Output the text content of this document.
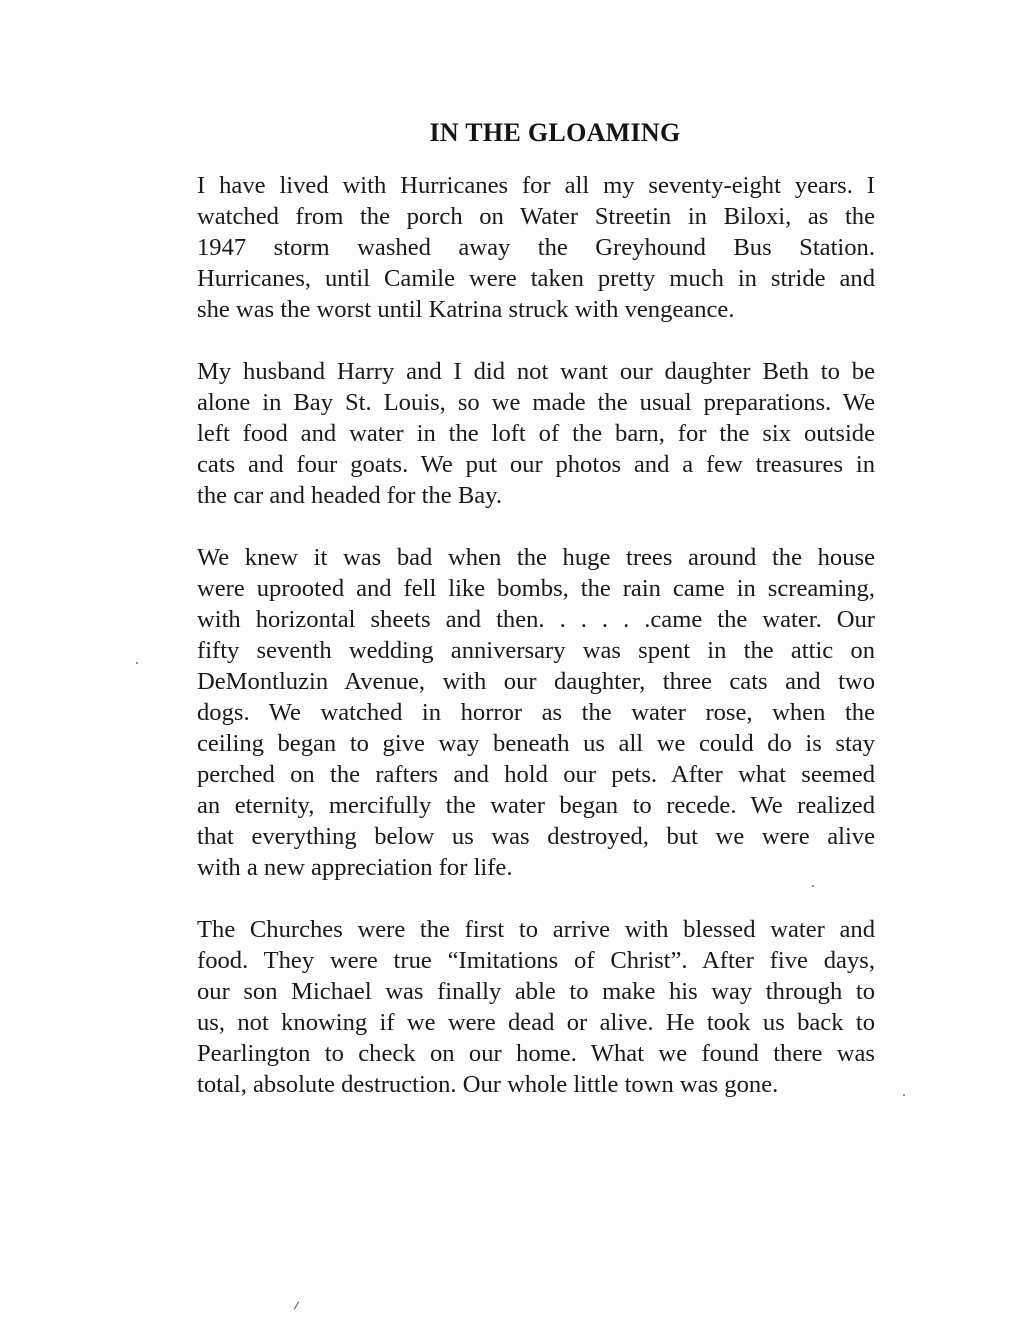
IN THE GLOAMING

I have lived with Hurricanes for all my seventy-eight years. I
watched from the porch on Water Streetin in Biloxi, as the
1947 storm washed away the Greyhound Bus Station.
Hurricanes, until Camile were taken pretty much in stride and
she was the worst until Katrina struck with vengeance.

My husband Harry and I did not want our daughter Beth to be
alone in Bay St. Louis, so we made the usual preparations. We
left food and water in the loft of the barn, for the six outside
cats and four goats. We put our photos and a few treasures in
the car and headed for the Bay.

We knew it was bad when the huge trees around the house
were uprooted and fell like bombs, the rain came in screaming,
with horizontal sheets and then. . . . . .came the water. Our
fifty seventh wedding anniversary was spent in the attic on
DeMontluzin Avenue, with our daughter, three cats and two
dogs. We watched in horror as the water rose, when the
ceiling began to give way beneath us all we could do is stay
perched on the rafters and hold our pets. After what seemed
an eternity, mercifully the water began to recede. We realized
that everything below us was destroyed, but we were alive
with a new appreciation for life.

The Churches were the first to arrive with blessed water and
food. They were true “Imitations of Christ”. After five days,
our son Michael was finally able to make his way through to
us, not knowing if we were dead or alive. He took us back to
Pearlington to check on our home. What we found there was
total, absolute destruction. Our whole little town was gone.
